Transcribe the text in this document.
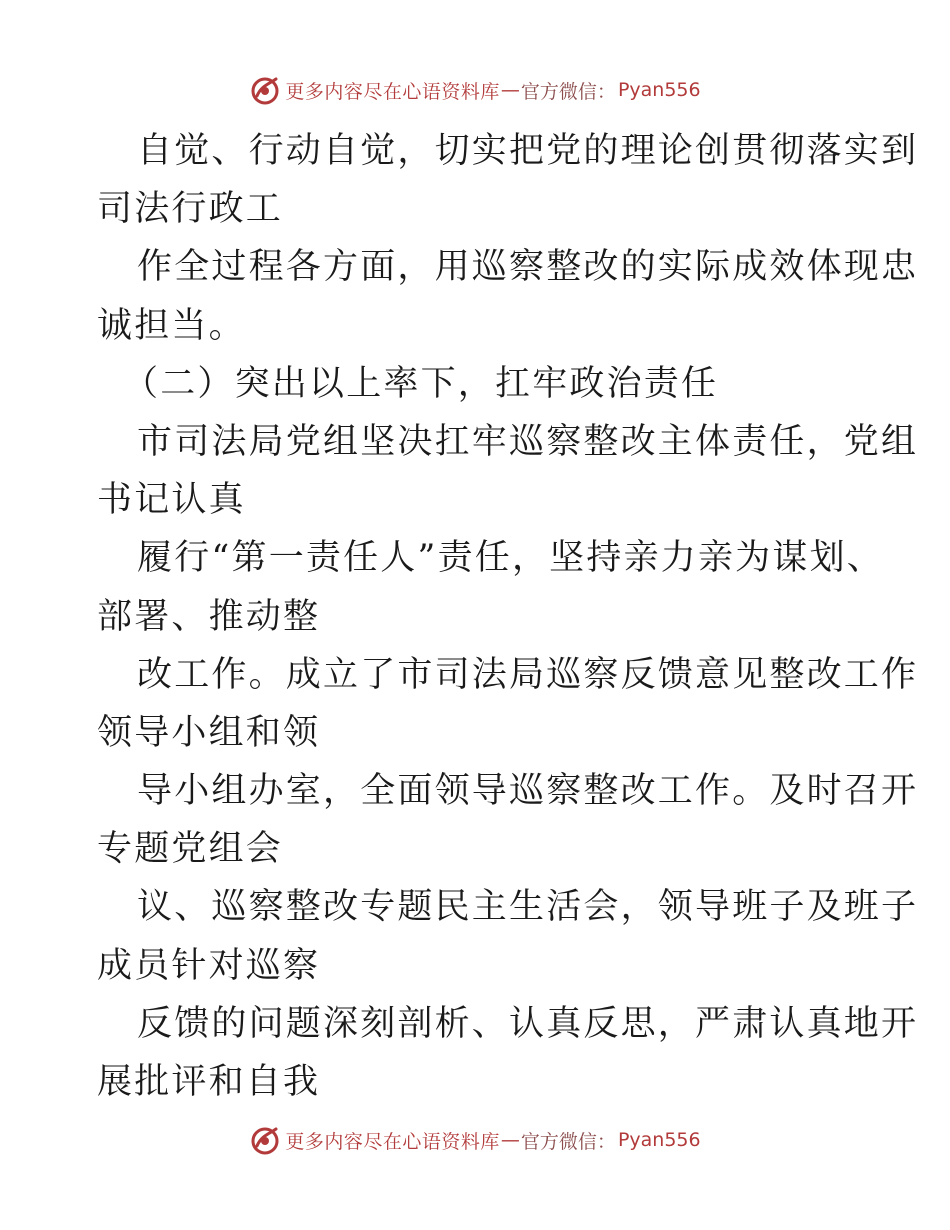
更多内容尽在心语资料库 — 官方微信： Pyan556
自觉、行动自觉，切实把党的理论创贯彻落实到
司法行政工
作全过程各方面，用巡察整改的实际成效体现忠
诚担当。
（二）突出以上率下，扛牢政治责任
市司法局党组坚决扛牢巡察整改主体责任，党组
书记认真
履行“第一责任人”责任，坚持亲力亲为谋划、
部署、推动整
改工作。成立了市司法局巡察反馈意见整改工作
领导小组和领
导小组办室，全面领导巡察整改工作。及时召开
专题党组会
议、巡察整改专题民主生活会，领导班子及班子
成员针对巡察
反馈的问题深刻剖析、认真反思，严肃认真地开
展批评和自我
更多内容尽在心语资料库 — 官方微信： Pyan556
